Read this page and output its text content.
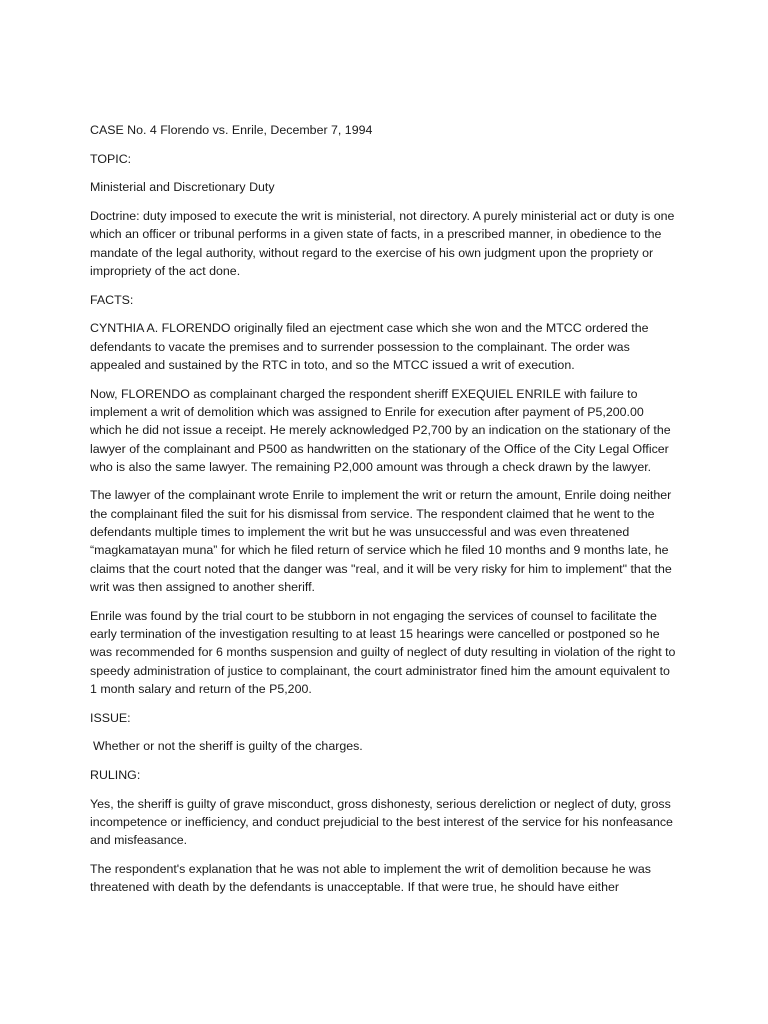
CASE No. 4 Florendo vs. Enrile, December 7, 1994

TOPIC:

Ministerial and Discretionary Duty

Doctrine: duty imposed to execute the writ is ministerial, not directory. A purely ministerial act or duty is one which an officer or tribunal performs in a given state of facts, in a prescribed manner, in obedience to the mandate of the legal authority, without regard to the exercise of his own judgment upon the propriety or impropriety of the act done.

FACTS:

CYNTHIA A. FLORENDO originally filed an ejectment case which she won and the MTCC ordered the defendants to vacate the premises and to surrender possession to the complainant. The order was appealed and sustained by the RTC in toto, and so the MTCC issued a writ of execution.

Now, FLORENDO as complainant charged the respondent sheriff EXEQUIEL ENRILE with failure to implement a writ of demolition which was assigned to Enrile for execution after payment of P5,200.00 which he did not issue a receipt. He merely acknowledged P2,700 by an indication on the stationary of the lawyer of the complainant and P500 as handwritten on the stationary of the Office of the City Legal Officer who is also the same lawyer. The remaining P2,000 amount was through a check drawn by the lawyer.

The lawyer of the complainant wrote Enrile to implement the writ or return the amount, Enrile doing neither the complainant filed the suit for his dismissal from service. The respondent claimed that he went to the defendants multiple times to implement the writ but he was unsuccessful and was even threatened “magkamatayan muna” for which he filed return of service which he filed 10 months and 9 months late, he claims that the court noted that the danger was "real, and it will be very risky for him to implement" that the writ was then assigned to another sheriff.

Enrile was found by the trial court to be stubborn in not engaging the services of counsel to facilitate the early termination of the investigation resulting to at least 15 hearings were cancelled or postponed so he was recommended for 6 months suspension and guilty of neglect of duty resulting in violation of the right to speedy administration of justice to complainant, the court administrator fined him the amount equivalent to 1 month salary and return of the P5,200.

ISSUE:

Whether or not the sheriff is guilty of the charges.

RULING:

Yes, the sheriff is guilty of grave misconduct, gross dishonesty, serious dereliction or neglect of duty, gross incompetence or inefficiency, and conduct prejudicial to the best interest of the service for his nonfeasance and misfeasance.

The respondent's explanation that he was not able to implement the writ of demolition because he was threatened with death by the defendants is unacceptable. If that were true, he should have either
